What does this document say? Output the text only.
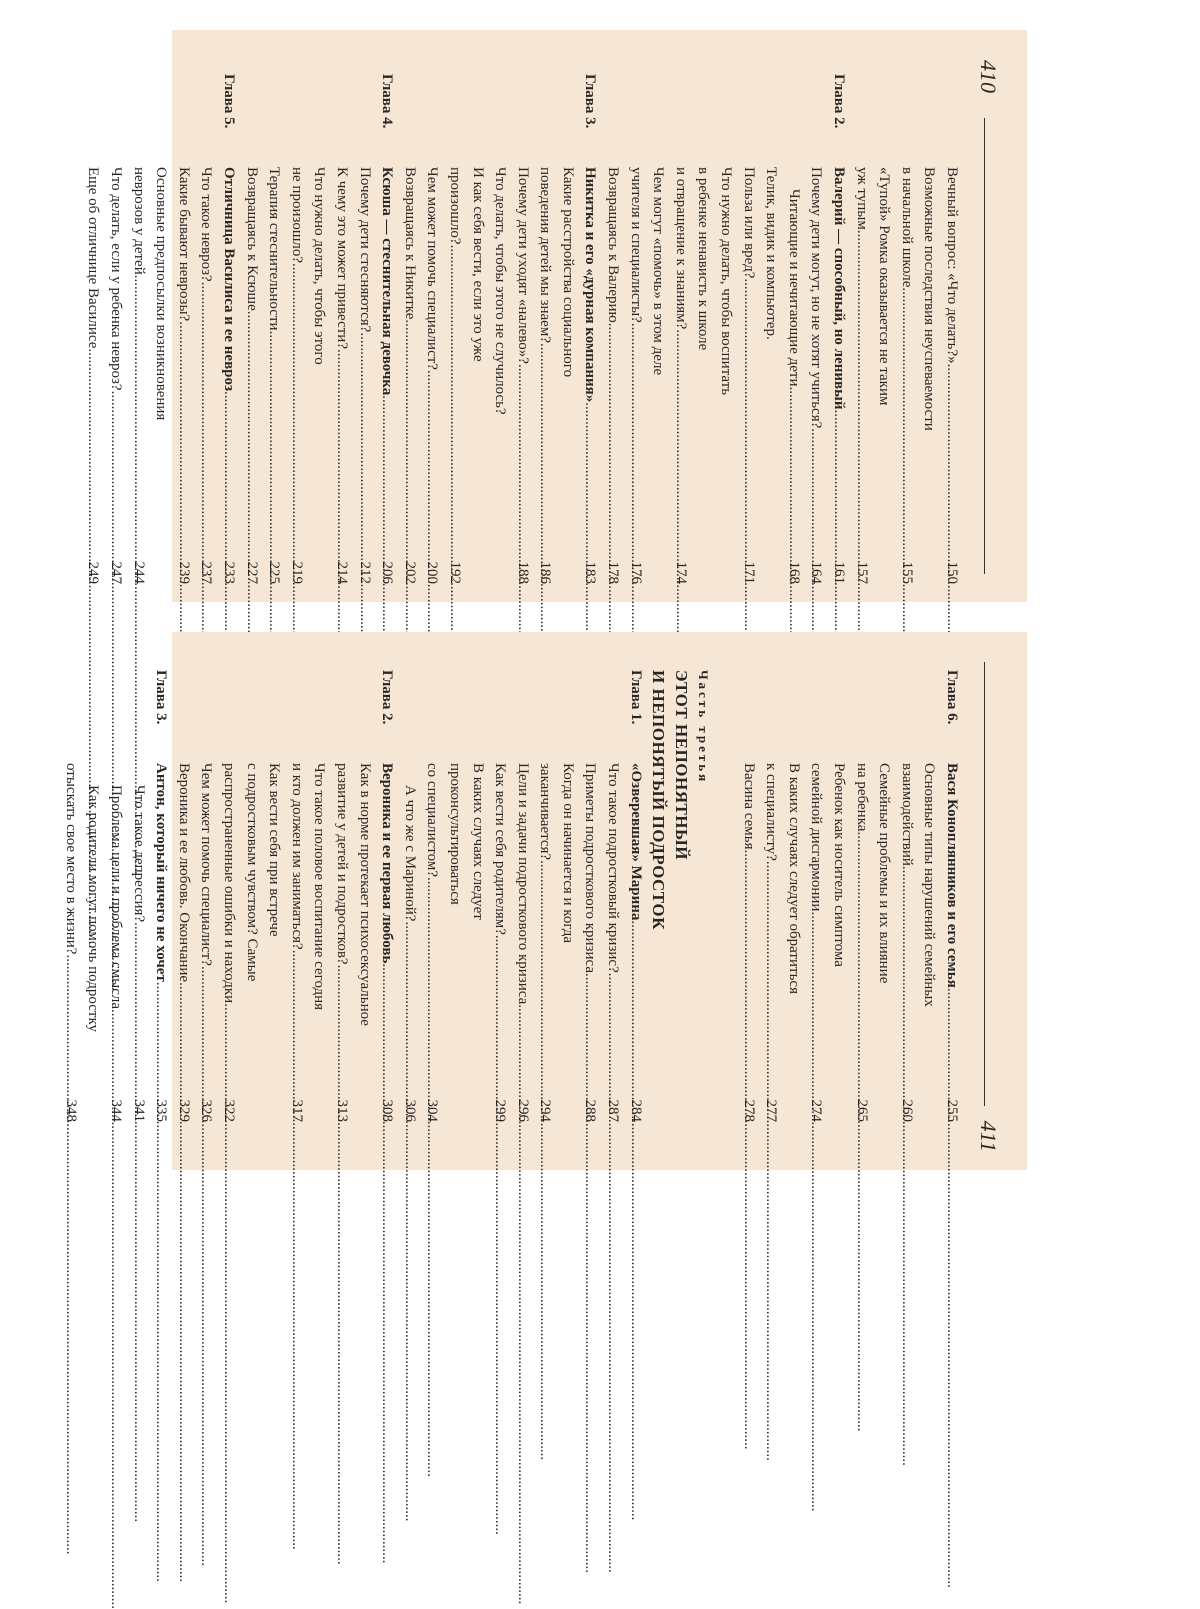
410
Вечный вопрос: «Что делать?»
.....
150
Возможные последствия неуспеваемости
в начальной школе
.....
155
«Тупой» Ромка оказывается не таким
уж тупым
.....
157
Глава 2.
Валерий — способный, но ленивый
.....
161
Почему дети могут, но не хотят учиться?
.....
164
Читающие и нечитающие дети
.....
168
Телик, видик и компьютер.
Польза или вред?
.....
171
Что нужно делать, чтобы воспитать
в ребенке ненависть к школе
и отвращение к знаниям?
.....
174
Чем могут «помочь» в этом деле
учителя и специалисты?
.....
176
Возвращаясь к Валерию
.....
178
Глава 3.
Никитка и его «дурная компания»
.....
183
Какие расстройства социального
поведения детей мы знаем?
.....
186
Почему дети уходят «налево»?
.....
188
Что делать, чтобы этого не случилось?
И как себя вести, если это уже
произошло?
.....
192
Чем может помочь специалист?
.....
200
Возвращаясь к Никитке
.....
202
Глава 4.
Ксюша — стеснительная девочка
.....
206
Почему дети стесняются?
.....
212
К чему это может привести?
.....
214
Что нужно делать, чтобы этого
не произошло?
.....
219
Терапия стеснительности
.....
225
Возвращаясь к Ксюше
.....
227
Глава 5.
Отличница Василиса и ее невроз
.....
233
Что такое невроз?
.....
237
Какие бывают неврозы?
.....
239
Основные предпосылки возникновения
неврозов у детей
.....
244
Что делать, если у ребенка невроз?
.....
247
Еще об отличнице Василисе
.....
249
411
Глава 6.
Вася Коноплянников и его семья
.....
255
Основные типы нарушений семейных
взаимодействий
.....
260
Семейные проблемы и их влияние
на ребенка
.....
265
Ребенок как носитель симптома
семейной дисгармонии
.....
274
В каких случаях следует обратиться
к специалисту?
.....
277
Васина семья
.....
278
Часть третья
ЭТОТ НЕПОНЯТНЫЙ
И НЕПОНЯТЫЙ ПОДРОСТОК
Глава 1.
«Озверевшая» Марина
.....
284
Что такое подростковый кризис?
.....
287
Приметы подросткового кризиса
.....
288
Когда он начинается и когда
заканчивается?
.....
294
Цели и задачи подросткового кризиса
.....
296
Как вести себя родителям?
.....
299
В каких случаях следует
проконсультироваться
со специалистом?
.....
304
А что же с Мариной?
.....
306
Глава 2.
Вероника и ее первая любовь
.....
308
Как в норме протекает психосексуальное
развитие у детей и подростков?
.....
313
Что такое половое воспитание сегодня
и кто должен им заниматься?
.....
317
Как вести себя при встрече
с подростковым чувством? Самые
распространенные ошибки и находки
.....
322
Чем может помочь специалист?
.....
326
Вероника и ее любовь. Окончание
.....
329
Глава 3.
Антон, который ничего не хочет
.....
335
Что такое депрессия?
.....
341
Проблема цели и проблема смысла
.....
344
Как родители могут помочь подростку
отыскать свое место в жизни?
.....
348
